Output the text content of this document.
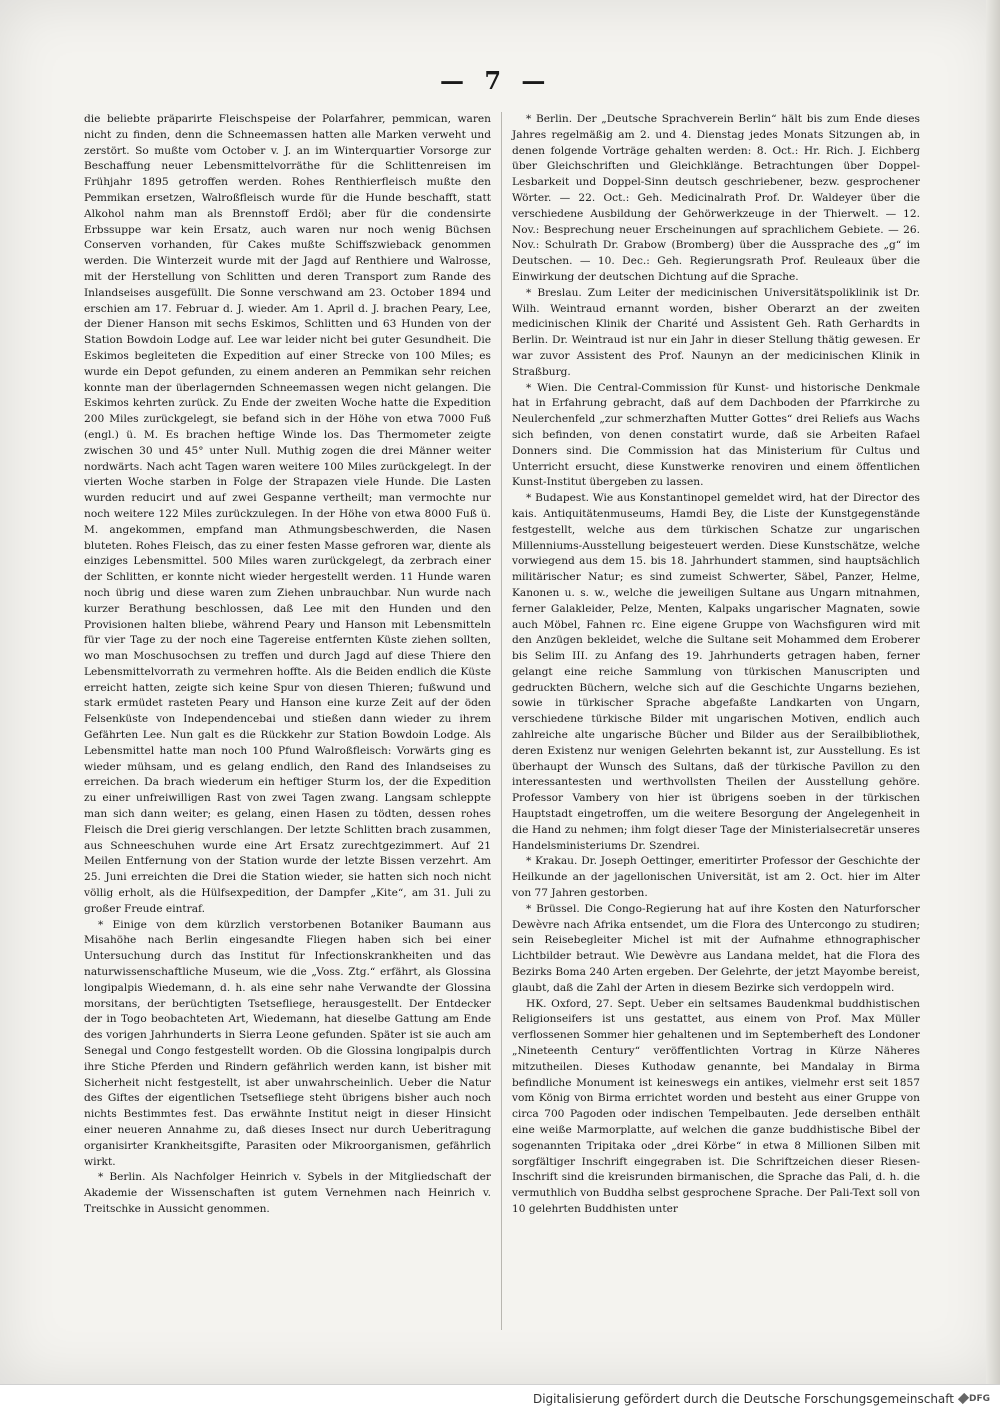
— 7 —

die beliebte präparirte Fleischspeise der Polarfahrer, pemmican, waren nicht zu finden, denn die Schneemassen hatten alle Marken verweht und zerstört. So mußte vom October v. J. an im Winterquartier Vorsorge zur Beschaffung neuer Lebensmittelvorräthe für die Schlittenreisen im Frühjahr 1895 getroffen werden. Rohes Renthierfleisch mußte den Pemmikan ersetzen, Walroßfleisch wurde für die Hunde beschafft, statt Alkohol nahm man als Brennstoff Erdöl; aber für die condensirte Erbssuppe war kein Ersatz, auch waren nur noch wenig Büchsen Conserven vorhanden, für Cakes mußte Schiffszwieback genommen werden. Die Winterzeit wurde mit der Jagd auf Renthiere und Walrosse, mit der Herstellung von Schlitten und deren Transport zum Rande des Inlandseises ausgefüllt. Die Sonne verschwand am 23. October 1894 und erschien am 17. Februar d. J. wieder. Am 1. April d. J. brachen Peary, Lee, der Diener Hanson mit sechs Eskimos, Schlitten und 63 Hunden von der Station Bowdoin Lodge auf. Lee war leider nicht bei guter Gesundheit. Die Eskimos begleiteten die Expedition auf einer Strecke von 100 Miles; es wurde ein Depot gefunden, zu einem anderen an Pemmikan sehr reichen konnte man der überlagernden Schneemassen wegen nicht gelangen. Die Eskimos kehrten zurück. Zu Ende der zweiten Woche hatte die Expedition 200 Miles zurückgelegt, sie befand sich in der Höhe von etwa 7000 Fuß (engl.) ü. M. Es brachen heftige Winde los. Das Thermometer zeigte zwischen 30 und 45° unter Null. Muthig zogen die drei Männer weiter nordwärts. Nach acht Tagen waren weitere 100 Miles zurückgelegt. In der vierten Woche starben in Folge der Strapazen viele Hunde. Die Lasten wurden reducirt und auf zwei Gespanne vertheilt; man vermochte nur noch weitere 122 Miles zurückzulegen. In der Höhe von etwa 8000 Fuß ü. M. angekommen, empfand man Athmungsbeschwerden, die Nasen bluteten. Rohes Fleisch, das zu einer festen Masse gefroren war, diente als einziges Lebensmittel. 500 Miles waren zurückgelegt, da zerbrach einer der Schlitten, er konnte nicht wieder hergestellt werden. 11 Hunde waren noch übrig und diese waren zum Ziehen unbrauchbar. Nun wurde nach kurzer Berathung beschlossen, daß Lee mit den Hunden und den Provisionen halten bliebe, während Peary und Hanson mit Lebensmitteln für vier Tage zu der noch eine Tagereise entfernten Küste ziehen sollten, wo man Moschusochsen zu treffen und durch Jagd auf diese Thiere den Lebensmittelvorrath zu vermehren hoffte. Als die Beiden endlich die Küste erreicht hatten, zeigte sich keine Spur von diesen Thieren; fußwund und stark ermüdet rasteten Peary und Hanson eine kurze Zeit auf der öden Felsenküste von Independencebai und stießen dann wieder zu ihrem Gefährten Lee. Nun galt es die Rückkehr zur Station Bowdoin Lodge. Als Lebensmittel hatte man noch 100 Pfund Walroßfleisch: Vorwärts ging es wieder mühsam, und es gelang endlich, den Rand des Inlandseises zu erreichen. Da brach wiederum ein heftiger Sturm los, der die Expedition zu einer unfreiwilligen Rast von zwei Tagen zwang. Langsam schleppte man sich dann weiter; es gelang, einen Hasen zu tödten, dessen rohes Fleisch die Drei gierig verschlangen. Der letzte Schlitten brach zusammen, aus Schneeschuhen wurde eine Art Ersatz zurechtgezimmert. Auf 21 Meilen Entfernung von der Station wurde der letzte Bissen verzehrt. Am 25. Juni erreichten die Drei die Station wieder, sie hatten sich noch nicht völlig erholt, als die Hülfsexpedition, der Dampfer „Kite“, am 31. Juli zu großer Freude eintraf.

* Einige von dem kürzlich verstorbenen Botaniker Baumann aus Misahöhe nach Berlin eingesandte Fliegen haben sich bei einer Untersuchung durch das Institut für Infectionskrankheiten und das naturwissenschaftliche Museum, wie die „Voss. Ztg.“ erfährt, als Glossina longipalpis Wiedemann, d. h. als eine sehr nahe Verwandte der Glossina morsitans, der berüchtigten Tsetsefliege, herausgestellt. Der Entdecker der in Togo beobachteten Art, Wiedemann, hat dieselbe Gattung am Ende des vorigen Jahrhunderts in Sierra Leone gefunden. Später ist sie auch am Senegal und Congo festgestellt worden. Ob die Glossina longipalpis durch ihre Stiche Pferden und Rindern gefährlich werden kann, ist bisher mit Sicherheit nicht festgestellt, ist aber unwahrscheinlich. Ueber die Natur des Giftes der eigentlichen Tsetsefliege steht übrigens bisher auch noch nichts Bestimmtes fest. Das erwähnte Institut neigt in dieser Hinsicht einer neueren Annahme zu, daß dieses Insect nur durch Ueberitragung organisirter Krankheitsgifte, Parasiten oder Mikroorganismen, gefährlich wirkt.

* Berlin. Als Nachfolger Heinrich v. Sybels in der Mitgliedschaft der Akademie der Wissenschaften ist gutem Vernehmen nach Heinrich v. Treitschke in Aussicht genommen.

* Berlin. Der „Deutsche Sprachverein Berlin“ hält bis zum Ende dieses Jahres regelmäßig am 2. und 4. Dienstag jedes Monats Sitzungen ab, in denen folgende Vorträge gehalten werden: 8. Oct.: Hr. Rich. J. Eichberg über Gleichschriften und Gleichklänge. Betrachtungen über Doppel-Lesbarkeit und Doppel-Sinn deutsch geschriebener, bezw. gesprochener Wörter. — 22. Oct.: Geh. Medicinalrath Prof. Dr. Waldeyer über die verschiedene Ausbildung der Gehörwerkzeuge in der Thierwelt. — 12. Nov.: Besprechung neuer Erscheinungen auf sprachlichem Gebiete. — 26. Nov.: Schulrath Dr. Grabow (Bromberg) über die Aussprache des „g“ im Deutschen. — 10. Dec.: Geh. Regierungsrath Prof. Reuleaux über die Einwirkung der deutschen Dichtung auf die Sprache.

* Breslau. Zum Leiter der medicinischen Universitätspoliklinik ist Dr. Wilh. Weintraud ernannt worden, bisher Oberarzt an der zweiten medicinischen Klinik der Charité und Assistent Geh. Rath Gerhardts in Berlin. Dr. Weintraud ist nur ein Jahr in dieser Stellung thätig gewesen. Er war zuvor Assistent des Prof. Naunyn an der medicinischen Klinik in Straßburg.

* Wien. Die Central-Commission für Kunst- und historische Denkmale hat in Erfahrung gebracht, daß auf dem Dachboden der Pfarrkirche zu Neulerchenfeld „zur schmerzhaften Mutter Gottes“ drei Reliefs aus Wachs sich befinden, von denen constatirt wurde, daß sie Arbeiten Rafael Donners sind. Die Commission hat das Ministerium für Cultus und Unterricht ersucht, diese Kunstwerke renoviren und einem öffentlichen Kunst-Institut übergeben zu lassen.

* Budapest. Wie aus Konstantinopel gemeldet wird, hat der Director des kais. Antiquitätenmuseums, Hamdi Bey, die Liste der Kunstgegenstände festgestellt, welche aus dem türkischen Schatze zur ungarischen Millenniums-Ausstellung beigesteuert werden. Diese Kunstschätze, welche vorwiegend aus dem 15. bis 18. Jahrhundert stammen, sind hauptsächlich militärischer Natur; es sind zumeist Schwerter, Säbel, Panzer, Helme, Kanonen u. s. w., welche die jeweiligen Sultane aus Ungarn mitnahmen, ferner Galakleider, Pelze, Menten, Kalpaks ungarischer Magnaten, sowie auch Möbel, Fahnen rc. Eine eigene Gruppe von Wachsfiguren wird mit den Anzügen bekleidet, welche die Sultane seit Mohammed dem Eroberer bis Selim III. zu Anfang des 19. Jahrhunderts getragen haben, ferner gelangt eine reiche Sammlung von türkischen Manuscripten und gedruckten Büchern, welche sich auf die Geschichte Ungarns beziehen, sowie in türkischer Sprache abgefaßte Landkarten von Ungarn, verschiedene türkische Bilder mit ungarischen Motiven, endlich auch zahlreiche alte ungarische Bücher und Bilder aus der Serailbibliothek, deren Existenz nur wenigen Gelehrten bekannt ist, zur Ausstellung. Es ist überhaupt der Wunsch des Sultans, daß der türkische Pavillon zu den interessantesten und werthvollsten Theilen der Ausstellung gehöre. Professor Vambery von hier ist übrigens soeben in der türkischen Hauptstadt eingetroffen, um die weitere Besorgung der Angelegenheit in die Hand zu nehmen; ihm folgt dieser Tage der Ministerialsecretär unseres Handelsministeriums Dr. Szendrei.

* Krakau. Dr. Joseph Oettinger, emeritirter Professor der Geschichte der Heilkunde an der jagellonischen Universität, ist am 2. Oct. hier im Alter von 77 Jahren gestorben.

* Brüssel. Die Congo-Regierung hat auf ihre Kosten den Naturforscher Dewèvre nach Afrika entsendet, um die Flora des Untercongo zu studiren; sein Reisebegleiter Michel ist mit der Aufnahme ethnographischer Lichtbilder betraut. Wie Dewèvre aus Landana meldet, hat die Flora des Bezirks Boma 240 Arten ergeben. Der Gelehrte, der jetzt Mayombe bereist, glaubt, daß die Zahl der Arten in diesem Bezirke sich verdoppeln wird.

HK. Oxford, 27. Sept. Ueber ein seltsames Baudenkmal buddhistischen Religionseifers ist uns gestattet, aus einem von Prof. Max Müller verflossenen Sommer hier gehaltenen und im Septemberheft des Londoner „Nineteenth Century“ veröffentlichten Vortrag in Kürze Näheres mitzutheilen. Dieses Kuthodaw genannte, bei Mandalay in Birma befindliche Monument ist keineswegs ein antikes, vielmehr erst seit 1857 vom König von Birma errichtet worden und besteht aus einer Gruppe von circa 700 Pagoden oder indischen Tempelbauten. Jede derselben enthält eine weiße Marmorplatte, auf welchen die ganze buddhistische Bibel der sogenannten Tripitaka oder „drei Körbe“ in etwa 8 Millionen Silben mit sorgfältiger Inschrift eingegraben ist. Die Schriftzeichen dieser Riesen-Inschrift sind die kreisrunden birmanischen, die Sprache das Pali, d. h. die vermuthlich von Buddha selbst gesprochene Sprache. Der Pali-Text soll von 10 gelehrten Buddhisten unter

Digitalisierung gefördert durch die Deutsche Forschungsgemeinschaft DFG
